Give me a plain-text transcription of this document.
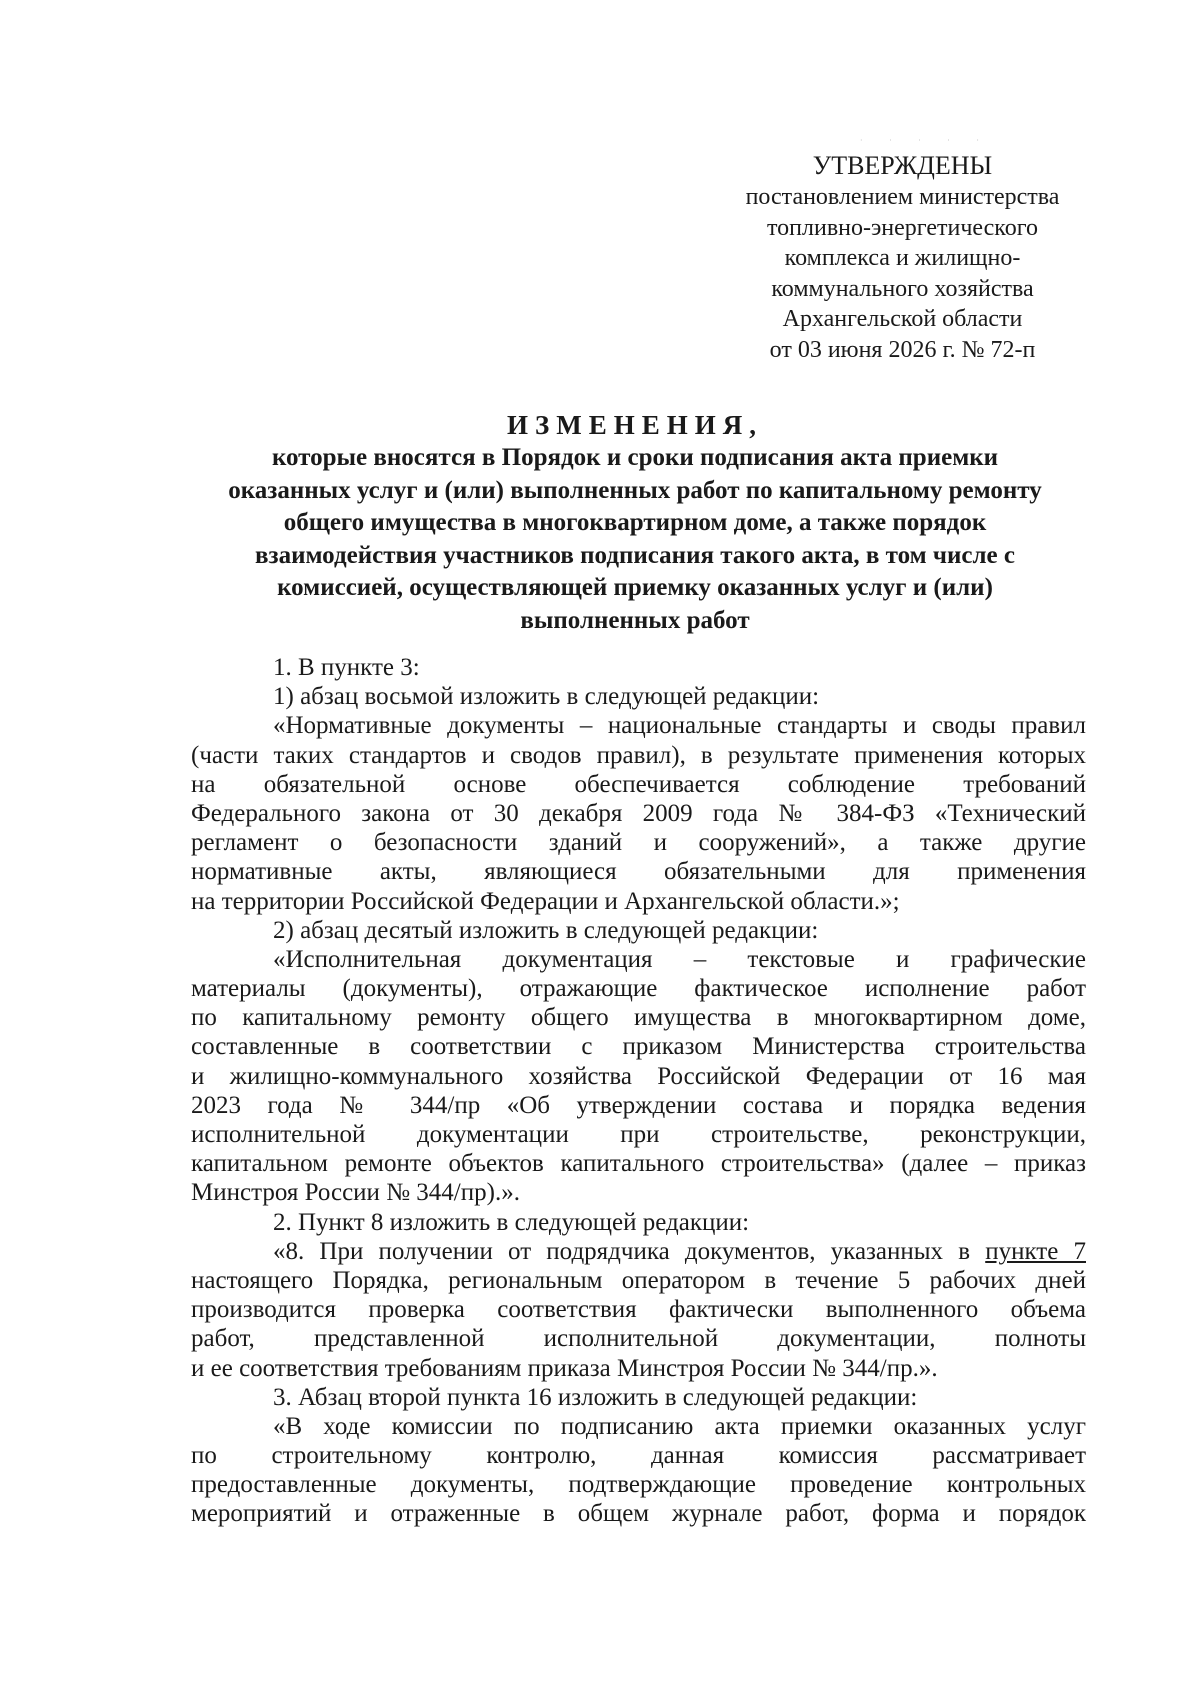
· · · · ·
УТВЕРЖДЕНЫ
постановлением министерства
топливно-энергетического
комплекса и жилищно-
коммунального хозяйства
Архангельской области
от 03 июня 2026 г. № 72-п
ИЗМЕНЕНИЯ,
которые вносятся в Порядок и сроки подписания акта приемки
оказанных услуг и (или) выполненных работ по капитальному ремонту
общего имущества в многоквартирном доме, а также порядок
взаимодействия участников подписания такого акта, в том числе с
комиссией, осуществляющей приемку оказанных услуг и (или)
выполненных работ
1. В пункте 3:
1) абзац восьмой изложить в следующей редакции:
«Нормативные документы – национальные стандарты и своды правил
(части таких стандартов и сводов правил), в результате применения которых
на обязательной основе обеспечивается соблюдение требований
Федерального закона от 30 декабря 2009 года № 384-ФЗ «Технический
регламент о безопасности зданий и сооружений», а также другие
нормативные акты, являющиеся обязательными для применения
на территории Российской Федерации и Архангельской области.»;
2) абзац десятый изложить в следующей редакции:
«Исполнительная документация – текстовые и графические
материалы (документы), отражающие фактическое исполнение работ
по капитальному ремонту общего имущества в многоквартирном доме,
составленные в соответствии с приказом Министерства строительства
и жилищно-коммунального хозяйства Российской Федерации от 16 мая
2023 года № 344/пр «Об утверждении состава и порядка ведения
исполнительной документации при строительстве, реконструкции,
капитальном ремонте объектов капитального строительства» (далее – приказ
Минстроя России № 344/пр).».
2. Пункт 8 изложить в следующей редакции:
«8. При получении от подрядчика документов, указанных в пункте 7
настоящего Порядка, региональным оператором в течение 5 рабочих дней
производится проверка соответствия фактически выполненного объема
работ, представленной исполнительной документации, полноты
и ее соответствия требованиям приказа Минстроя России № 344/пр.».
3. Абзац второй пункта 16 изложить в следующей редакции:
«В ходе комиссии по подписанию акта приемки оказанных услуг
по строительному контролю, данная комиссия рассматривает
предоставленные документы, подтверждающие проведение контрольных
мероприятий и отраженные в общем журнале работ, форма и порядок
